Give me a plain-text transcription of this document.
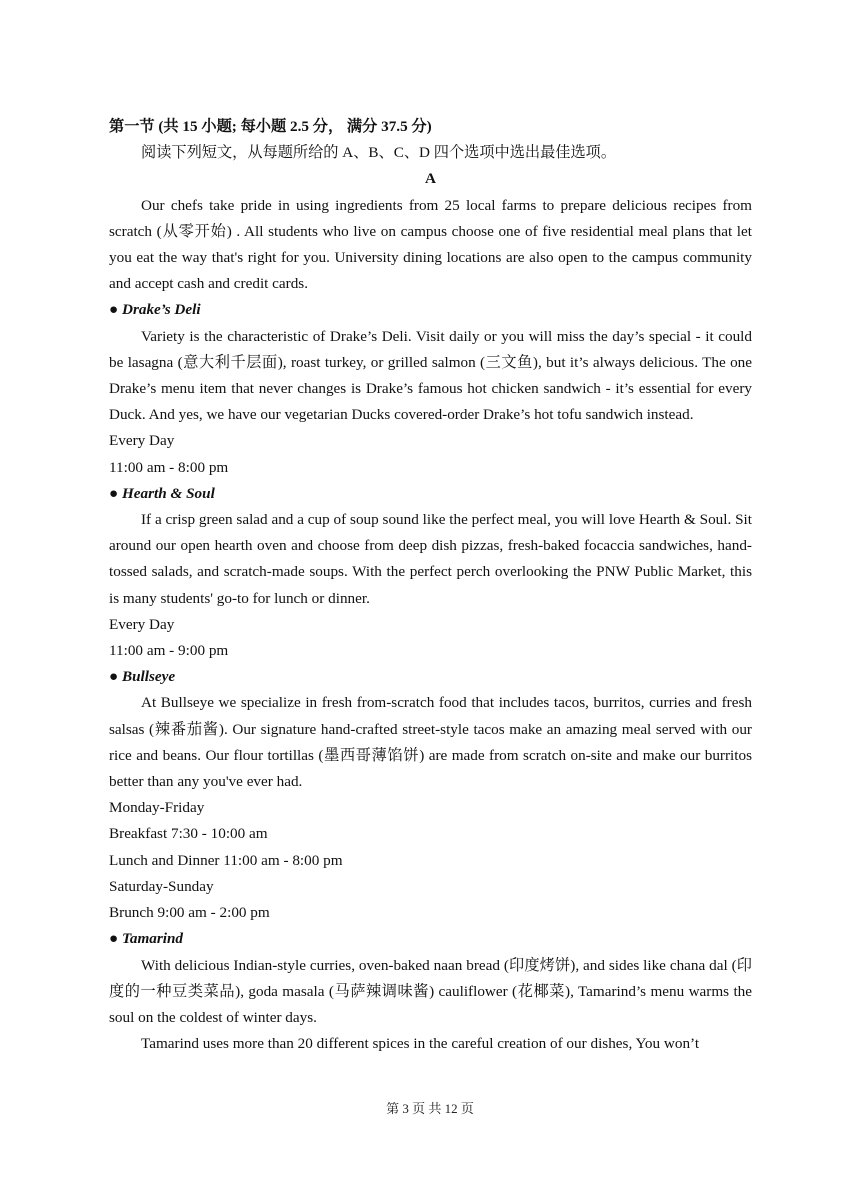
第一节 (共 15 小题; 每小题 2.5 分， 满分 37.5 分)

阅读下列短文，从每题所给的 A、B、C、D 四个选项中选出最佳选项。

A

Our chefs take pride in using ingredients from 25 local farms to prepare delicious recipes from scratch (从零开始) . All students who live on campus choose one of five residential meal plans that let you eat the way that's right for you. University dining locations are also open to the campus community and accept cash and credit cards.

● Drake’s Deli

Variety is the characteristic of Drake’s Deli. Visit daily or you will miss the day’s special - it could be lasagna (意大利千层面), roast turkey, or grilled salmon (三文鱼), but it’s always delicious. The one Drake’s menu item that never changes is Drake’s famous hot chicken sandwich - it’s essential for every Duck. And yes, we have our vegetarian Ducks covered-order Drake’s hot tofu sandwich instead.

Every Day

11:00 am - 8:00 pm

● Hearth & Soul

If a crisp green salad and a cup of soup sound like the perfect meal, you will love Hearth & Soul. Sit around our open hearth oven and choose from deep dish pizzas, fresh-baked focaccia sandwiches, hand-tossed salads, and scratch-made soups. With the perfect perch overlooking the PNW Public Market, this is many students' go-to for lunch or dinner.

Every Day

11:00 am - 9:00 pm

● Bullseye

At Bullseye we specialize in fresh from-scratch food that includes tacos, burritos, curries and fresh salsas (辣番茄酱). Our signature hand-crafted street-style tacos make an amazing meal served with our rice and beans. Our flour tortillas (墨西哥薄馅饼) are made from scratch on-site and make our burritos better than any you've ever had.

Monday-Friday

Breakfast 7:30 - 10:00 am

Lunch and Dinner 11:00 am - 8:00 pm

Saturday-Sunday

Brunch 9:00 am - 2:00 pm

● Tamarind

With delicious Indian-style curries, oven-baked naan bread (印度烤饼), and sides like chana dal (印度的一种豆类菜品), goda masala (马萨辣调味酱) cauliflower (花椰菜), Tamarind’s menu warms the soul on the coldest of winter days.

Tamarind uses more than 20 different spices in the careful creation of our dishes, You won’t

第 3 页 共 12 页
